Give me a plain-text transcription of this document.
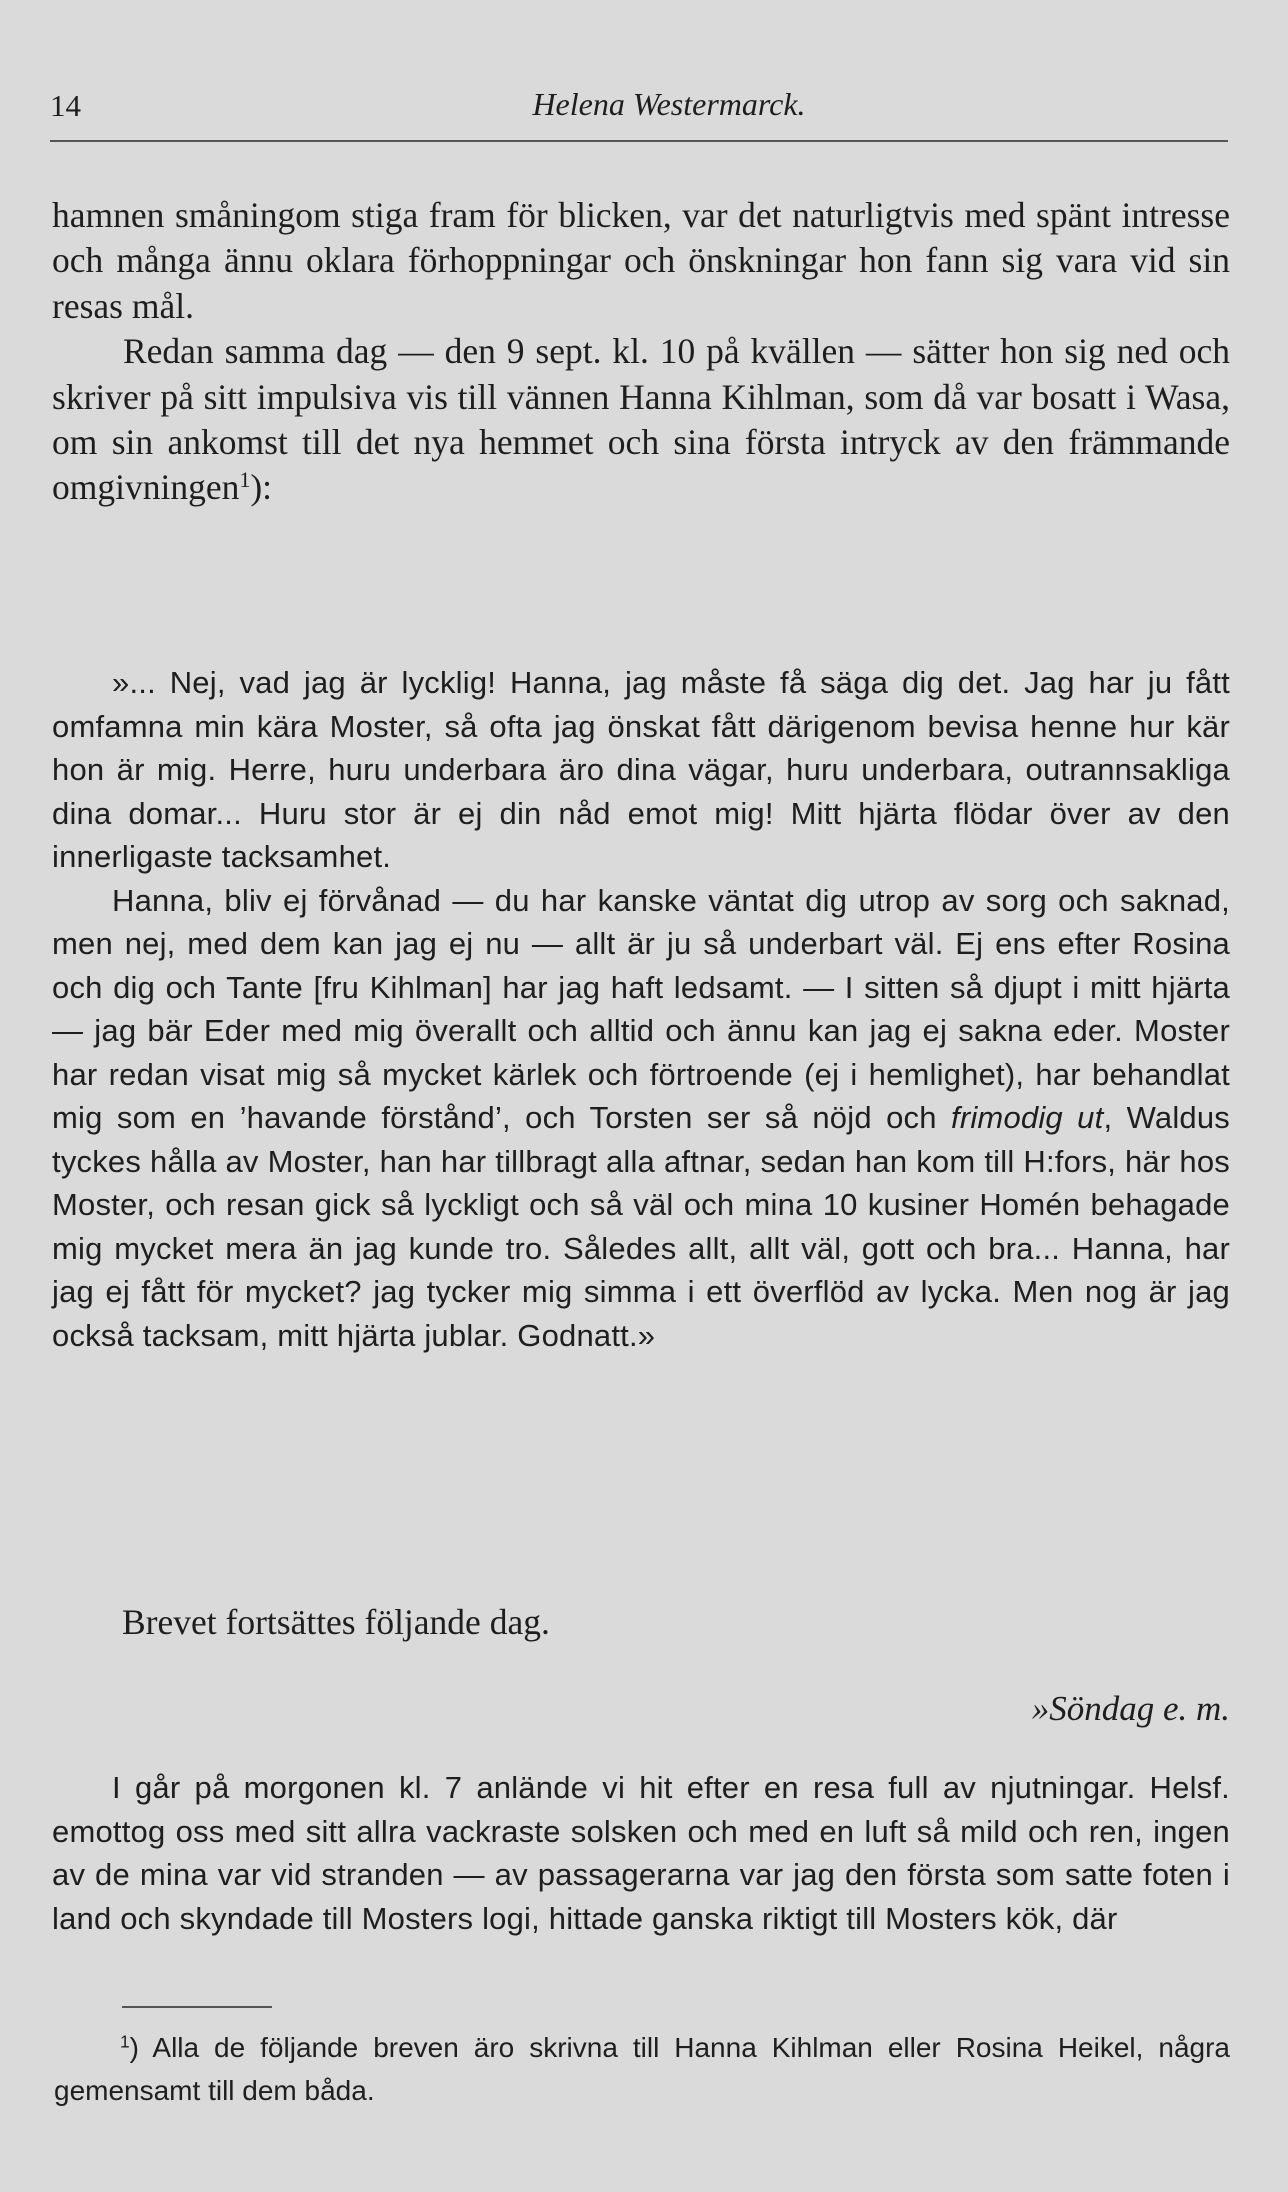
14	Helena Westermarck.

hamnen småningom stiga fram för blicken, var det naturligtvis med spänt intresse och många ännu oklara förhoppningar och önskningar hon fann sig vara vid sin resas mål.

Redan samma dag — den 9 sept. kl. 10 på kvällen — sätter hon sig ned och skriver på sitt impulsiva vis till vännen Hanna Kihlman, som då var bosatt i Wasa, om sin ankomst till det nya hemmet och sina första intryck av den främmande omgivningen$^1$):

»... Nej, vad jag är lycklig! Hanna, jag måste få säga dig det. Jag har ju fått omfamna min kära Moster, så ofta jag önskat fått därigenom bevisa henne hur kär hon är mig. Herre, huru underbara äro dina vägar, huru underbara, outrannsakliga dina domar... Huru stor är ej din nåd emot mig! Mitt hjärta flödar över av den innerligaste tacksamhet.

Hanna, bliv ej förvånad — du har kanske väntat dig utrop av sorg och saknad, men nej, med dem kan jag ej nu — allt är ju så underbart väl. Ej ens efter Rosina och dig och Tante [fru Kihlman] har jag haft ledsamt. — I sitten så djupt i mitt hjärta — jag bär Eder med mig överallt och alltid och ännu kan jag ej sakna eder. Moster har redan visat mig så mycket kärlek och förtroende (ej i hemlighet), har behandlat mig som en ’havande förstånd’, och Torsten ser så nöjd och frimodig ut, Waldus tyckes hålla av Moster, han har tillbragt alla aftnar, sedan han kom till H:fors, här hos Moster, och resan gick så lyckligt och så väl och mina 10 kusiner Homén behagade mig mycket mera än jag kunde tro. Således allt, allt väl, gott och bra... Hanna, har jag ej fått för mycket? jag tycker mig simma i ett överflöd av lycka. Men nog är jag också tacksam, mitt hjärta jublar. Godnatt.»

Brevet fortsättes följande dag.
»Söndag e. m.

I går på morgonen kl. 7 anlände vi hit efter en resa full av njutningar. Helsf. emottog oss med sitt allra vackraste solsken och med en luft så mild och ren, ingen av de mina var vid stranden — av passagerarna var jag den första som satte foten i land och skyndade till Mosters logi, hittade ganska riktigt till Mosters kök, där

$^1$) Alla de följande breven äro skrivna till Hanna Kihlman eller Rosina Heikel, några gemensamt till dem båda.
